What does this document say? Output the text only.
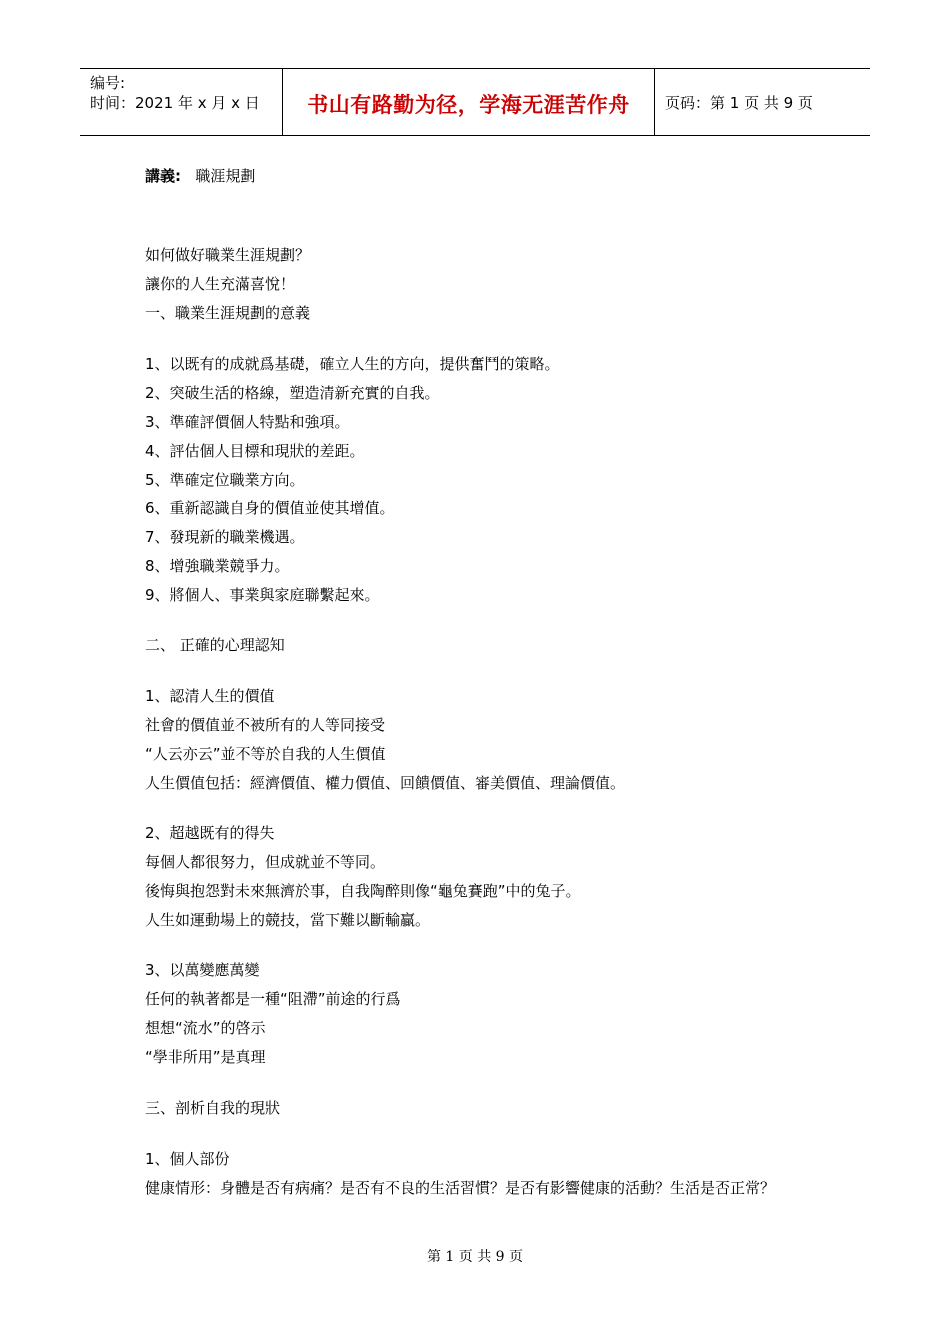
编号:
时间：2021 年 x 月 x 日	书山有路勤为径，学海无涯苦作舟	页码：第 1 页 共 9 页
講義: 職涯規劃
如何做好職業生涯規劃？
讓你的人生充滿喜悅！
一、職業生涯規劃的意義
1、以既有的成就爲基礎，確立人生的方向，提供奮鬥的策略。
2、突破生活的格線，塑造清新充實的自我。
3、準確評價個人特點和強項。
4、評估個人目標和現狀的差距。
5、準確定位職業方向。
6、重新認識自身的價值並使其增值。
7、發現新的職業機遇。
8、增強職業競爭力。
9、將個人、事業與家庭聯繫起來。
二、 正確的心理認知
1、認清人生的價值
社會的價值並不被所有的人等同接受
“人云亦云”並不等於自我的人生價值
人生價值包括：經濟價值、權力價值、回饋價值、審美價值、理論價值。
2、超越既有的得失
每個人都很努力，但成就並不等同。
後悔與抱怨對未來無濟於事，自我陶醉則像“龜兔賽跑”中的兔子。
人生如運動場上的競技，當下難以斷輸贏。
3、以萬變應萬變
任何的執著都是一種“阻滯”前途的行爲
想想“流水”的啓示
“學非所用”是真理
三、剖析自我的現狀
1、個人部份
健康情形：身體是否有病痛？是否有不良的生活習慣？是否有影響健康的活動？生活是否正常？
第 1 页 共 9 页
